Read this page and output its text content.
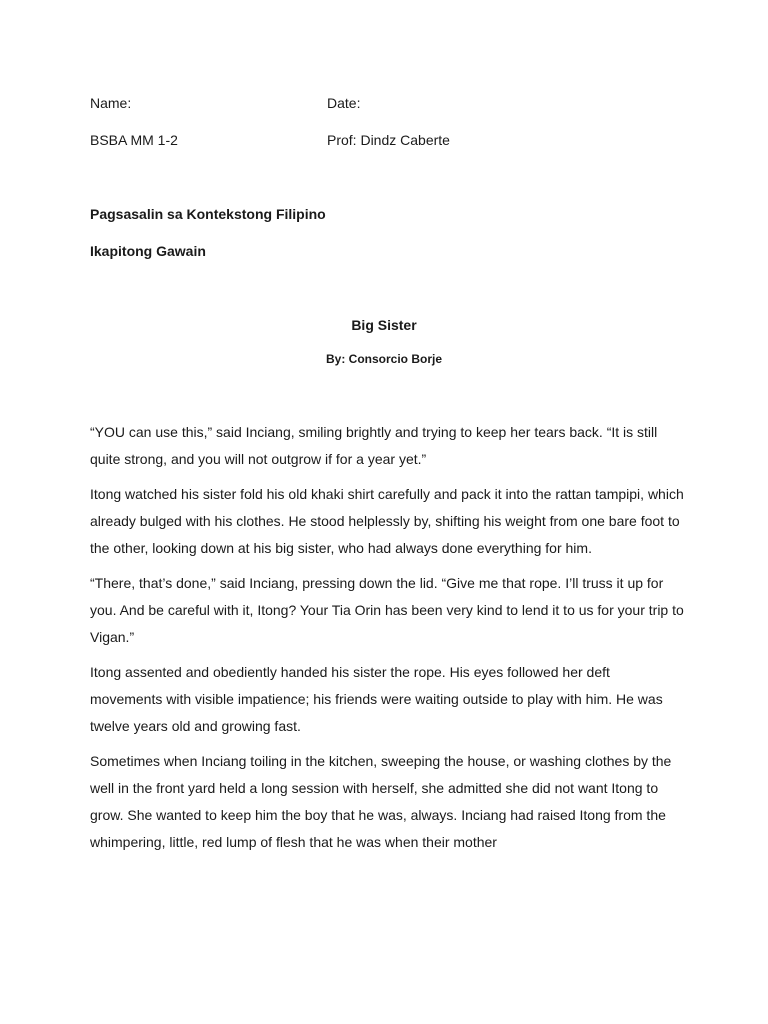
Name:	Date:
BSBA MM 1-2	Prof: Dindz Caberte
Pagsasalin sa Kontekstong Filipino
Ikapitong Gawain
Big Sister
By: Consorcio Borje

“YOU can use this,” said Inciang, smiling brightly and trying to keep her tears back. “It is still quite strong, and you will not outgrow if for a year yet.”

Itong watched his sister fold his old khaki shirt carefully and pack it into the rattan tampipi, which already bulged with his clothes. He stood helplessly by, shifting his weight from one bare foot to the other, looking down at his big sister, who had always done everything for him.

“There, that’s done,” said Inciang, pressing down the lid. “Give me that rope. I’ll truss it up for you. And be careful with it, Itong? Your Tia Orin has been very kind to lend it to us for your trip to Vigan.”

Itong assented and obediently handed his sister the rope. His eyes followed her deft movements with visible impatience; his friends were waiting outside to play with him. He was twelve years old and growing fast.

Sometimes when Inciang toiling in the kitchen, sweeping the house, or washing clothes by the well in the front yard held a long session with herself, she admitted she did not want Itong to grow. She wanted to keep him the boy that he was, always. Inciang had raised Itong from the whimpering, little, red lump of flesh that he was when their mother
